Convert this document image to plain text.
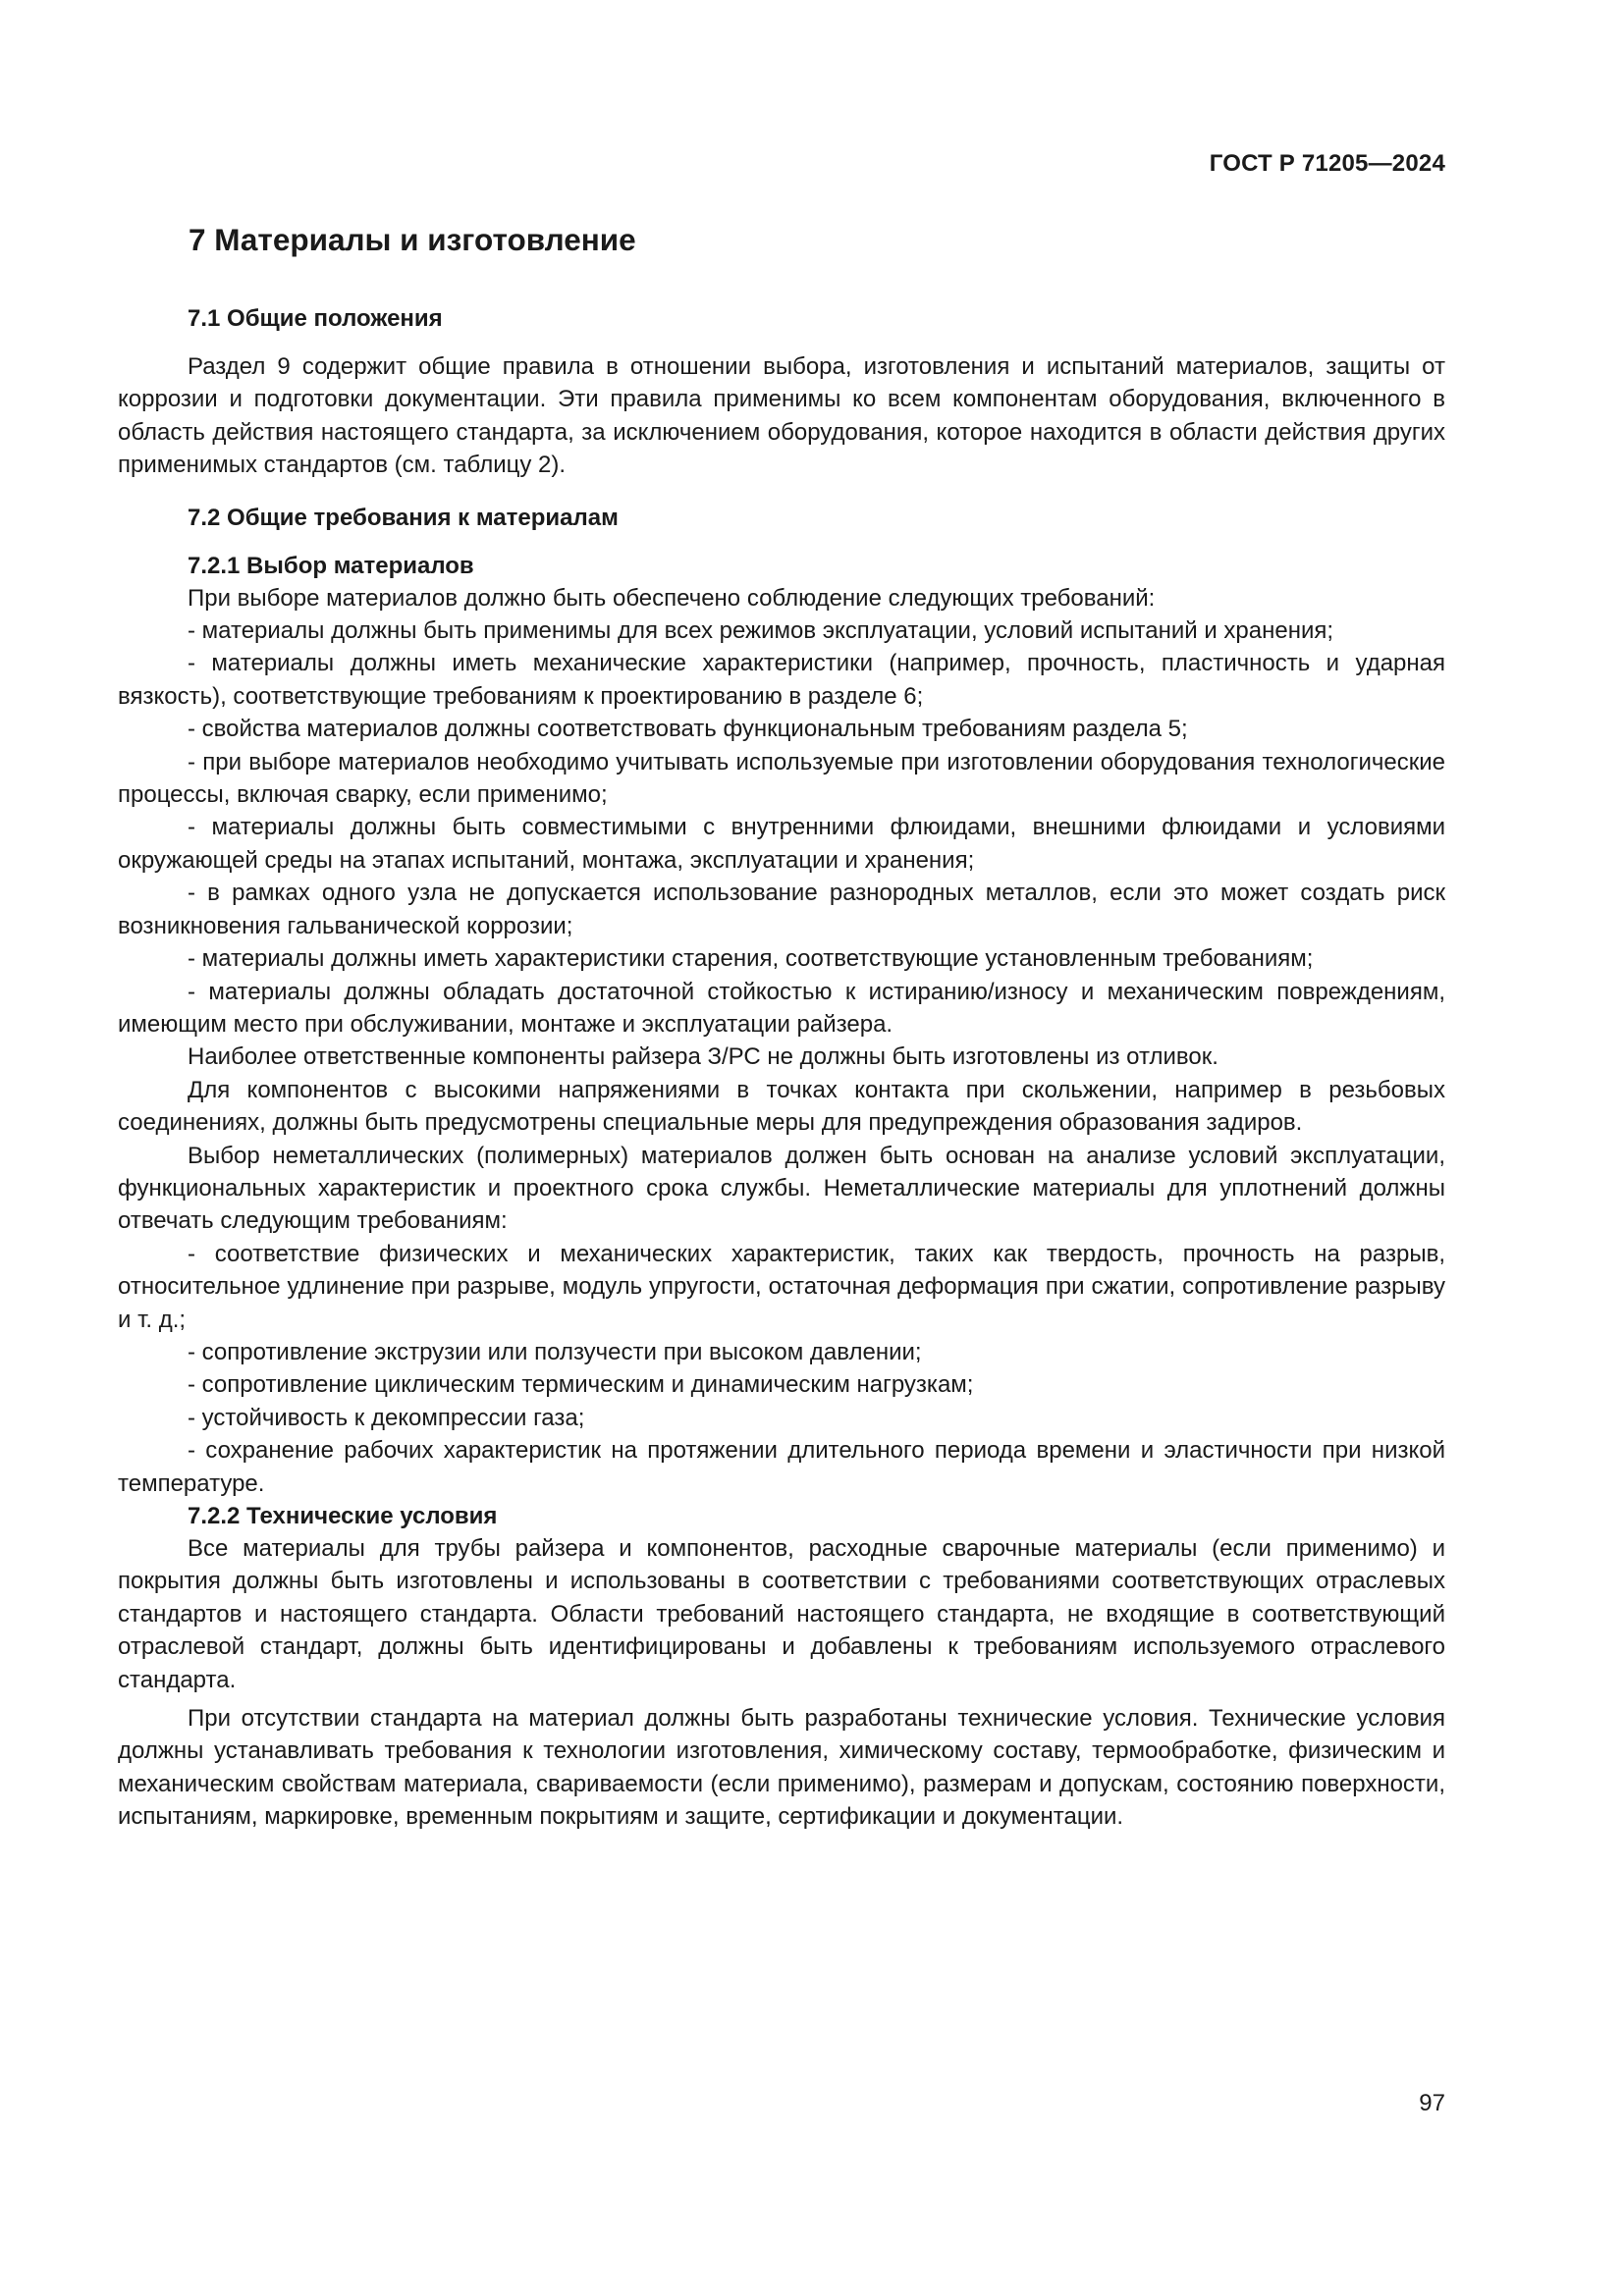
ГОСТ Р 71205—2024
7 Материалы и изготовление
7.1 Общие положения

Раздел 9 содержит общие правила в отношении выбора, изготовления и испытаний материалов, защиты от коррозии и подготовки документации. Эти правила применимы ко всем компонентам оборудования, включенного в область действия настоящего стандарта, за исключением оборудования, которое находится в области действия других применимых стандартов (см. таблицу 2).

7.2 Общие требования к материалам
7.2.1 Выбор материалов

При выборе материалов должно быть обеспечено соблюдение следующих требований:

- материалы должны быть применимы для всех режимов эксплуатации, условий испытаний и хранения;

- материалы должны иметь механические характеристики (например, прочность, пластичность и ударная вязкость), соответствующие требованиям к проектированию в разделе 6;

- свойства материалов должны соответствовать функциональным требованиям раздела 5;

- при выборе материалов необходимо учитывать используемые при изготовлении оборудования технологические процессы, включая сварку, если применимо;

- материалы должны быть совместимыми с внутренними флюидами, внешними флюидами и условиями окружающей среды на этапах испытаний, монтажа, эксплуатации и хранения;

- в рамках одного узла не допускается использование разнородных металлов, если это может создать риск возникновения гальванической коррозии;

- материалы должны иметь характеристики старения, соответствующие установленным требованиям;

- материалы должны обладать достаточной стойкостью к истиранию/износу и механическим повреждениям, имеющим место при обслуживании, монтаже и эксплуатации райзера.

Наиболее ответственные компоненты райзера З/РС не должны быть изготовлены из отливок.

Для компонентов с высокими напряжениями в точках контакта при скольжении, например в резьбовых соединениях, должны быть предусмотрены специальные меры для предупреждения образования задиров.

Выбор неметаллических (полимерных) материалов должен быть основан на анализе условий эксплуатации, функциональных характеристик и проектного срока службы. Неметаллические материалы для уплотнений должны отвечать следующим требованиям:

- соответствие физических и механических характеристик, таких как твердость, прочность на разрыв, относительное удлинение при разрыве, модуль упругости, остаточная деформация при сжатии, сопротивление разрыву и т. д.;

- сопротивление экструзии или ползучести при высоком давлении;

- сопротивление циклическим термическим и динамическим нагрузкам;

- устойчивость к декомпрессии газа;

- сохранение рабочих характеристик на протяжении длительного периода времени и эластичности при низкой температуре.

7.2.2 Технические условия

Все материалы для трубы райзера и компонентов, расходные сварочные материалы (если применимо) и покрытия должны быть изготовлены и использованы в соответствии с требованиями соответствующих отраслевых стандартов и настоящего стандарта. Области требований настоящего стандарта, не входящие в соответствующий отраслевой стандарт, должны быть идентифицированы и добавлены к требованиям используемого отраслевого стандарта.

При отсутствии стандарта на материал должны быть разработаны технические условия. Технические условия должны устанавливать требования к технологии изготовления, химическому составу, термообработке, физическим и механическим свойствам материала, свариваемости (если применимо), размерам и допускам, состоянию поверхности, испытаниям, маркировке, временным покрытиям и защите, сертификации и документации.

97
